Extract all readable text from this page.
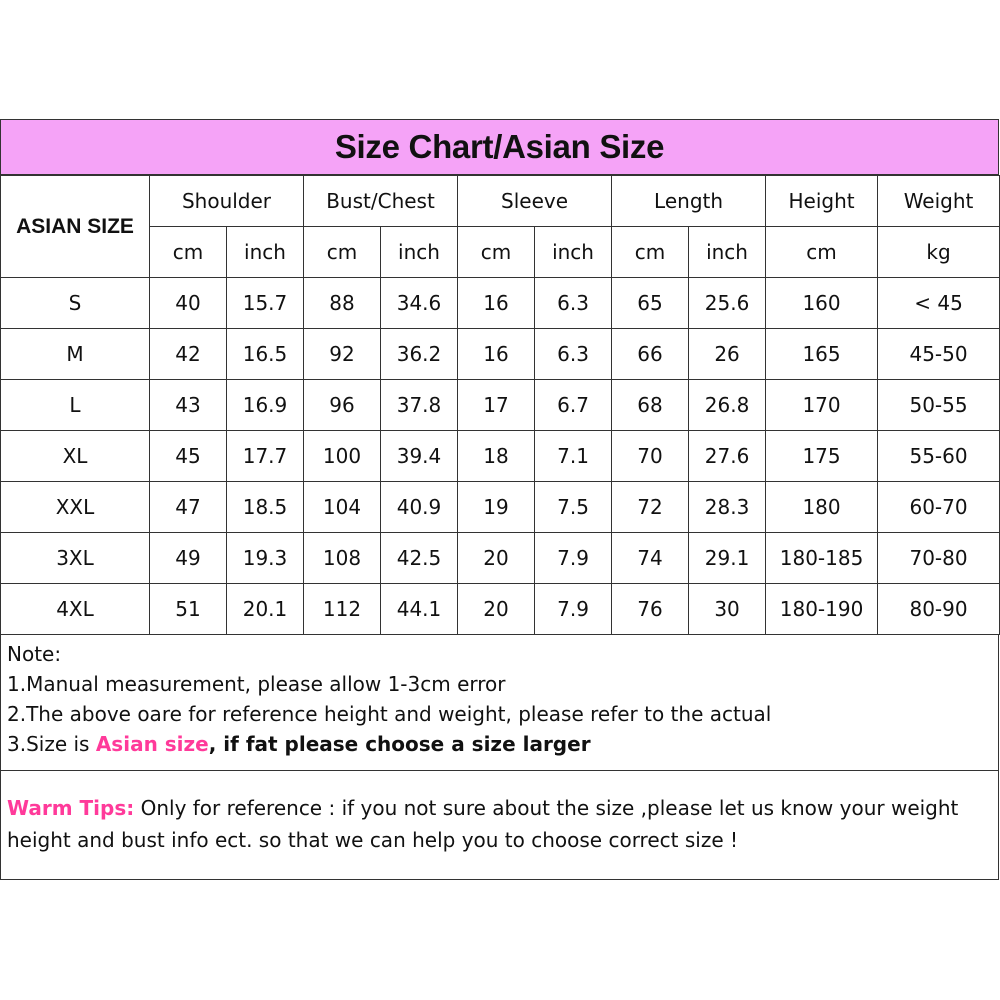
Size Chart/Asian Size
ASIAN SIZE	Shoulder		Bust/Chest		Sleeve		Length		Height	Weight
	cm	inch	cm	inch	cm	inch	cm	inch	cm	kg
S	40	15.7	88	34.6	16	6.3	65	25.6	160	< 45
M	42	16.5	92	36.2	16	6.3	66	26	165	45-50
L	43	16.9	96	37.8	17	6.7	68	26.8	170	50-55
XL	45	17.7	100	39.4	18	7.1	70	27.6	175	55-60
XXL	47	18.5	104	40.9	19	7.5	72	28.3	180	60-70
3XL	49	19.3	108	42.5	20	7.9	74	29.1	180-185	70-80
4XL	51	20.1	112	44.1	20	7.9	76	30	180-190	80-90
Note:
1.Manual measurement, please allow 1-3cm error
2.The above oare for reference height and weight, please refer to the actual
3.Size is Asian size, if fat please choose a size larger
Warm Tips: Only for reference : if you not sure about the size ,please let us know your weight height and bust info ect. so that we can help you to choose correct size !
